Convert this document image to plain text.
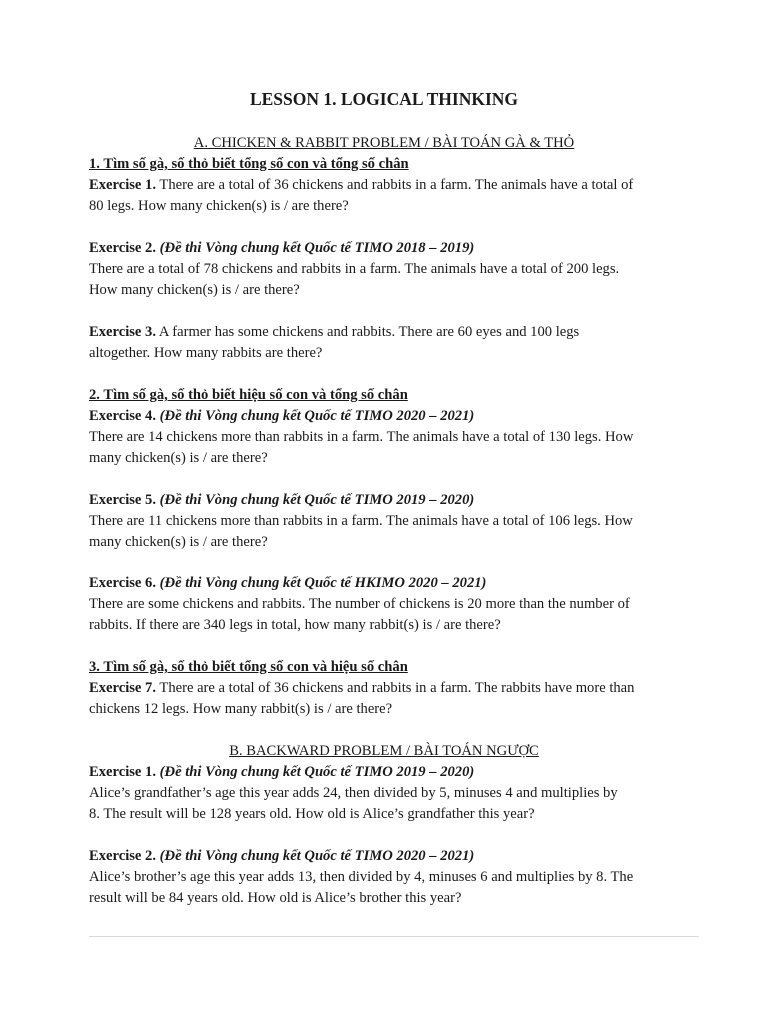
LESSON 1. LOGICAL THINKING
A. CHICKEN & RABBIT PROBLEM / BÀI TOÁN GÀ & THỎ
1. Tìm số gà, số thỏ biết tổng số con và tổng số chân
Exercise 1. There are a total of 36 chickens and rabbits in a farm. The animals have a total of
80 legs. How many chicken(s) is / are there?
Exercise 2. (Đề thi Vòng chung kết Quốc tế TIMO 2018 – 2019)
There are a total of 78 chickens and rabbits in a farm. The animals have a total of 200 legs.
How many chicken(s) is / are there?
Exercise 3. A farmer has some chickens and rabbits. There are 60 eyes and 100 legs
altogether. How many rabbits are there?
2. Tìm số gà, số thỏ biết hiệu số con và tổng số chân
Exercise 4. (Đề thi Vòng chung kết Quốc tế TIMO 2020 – 2021)
There are 14 chickens more than rabbits in a farm. The animals have a total of 130 legs. How
many chicken(s) is / are there?
Exercise 5. (Đề thi Vòng chung kết Quốc tế TIMO 2019 – 2020)
There are 11 chickens more than rabbits in a farm. The animals have a total of 106 legs. How
many chicken(s) is / are there?
Exercise 6. (Đề thi Vòng chung kết Quốc tế HKIMO 2020 – 2021)
There are some chickens and rabbits. The number of chickens is 20 more than the number of
rabbits. If there are 340 legs in total, how many rabbit(s) is / are there?
3. Tìm số gà, số thỏ biết tổng số con và hiệu số chân
Exercise 7. There are a total of 36 chickens and rabbits in a farm. The rabbits have more than
chickens 12 legs. How many rabbit(s) is / are there?
B. BACKWARD PROBLEM / BÀI TOÁN NGƯỢC
Exercise 1. (Đề thi Vòng chung kết Quốc tế TIMO 2019 – 2020)
Alice’s grandfather’s age this year adds 24, then divided by 5, minuses 4 and multiplies by
8. The result will be 128 years old. How old is Alice’s grandfather this year?
Exercise 2. (Đề thi Vòng chung kết Quốc tế TIMO 2020 – 2021)
Alice’s brother’s age this year adds 13, then divided by 4, minuses 6 and multiplies by 8. The
result will be 84 years old. How old is Alice’s brother this year?
